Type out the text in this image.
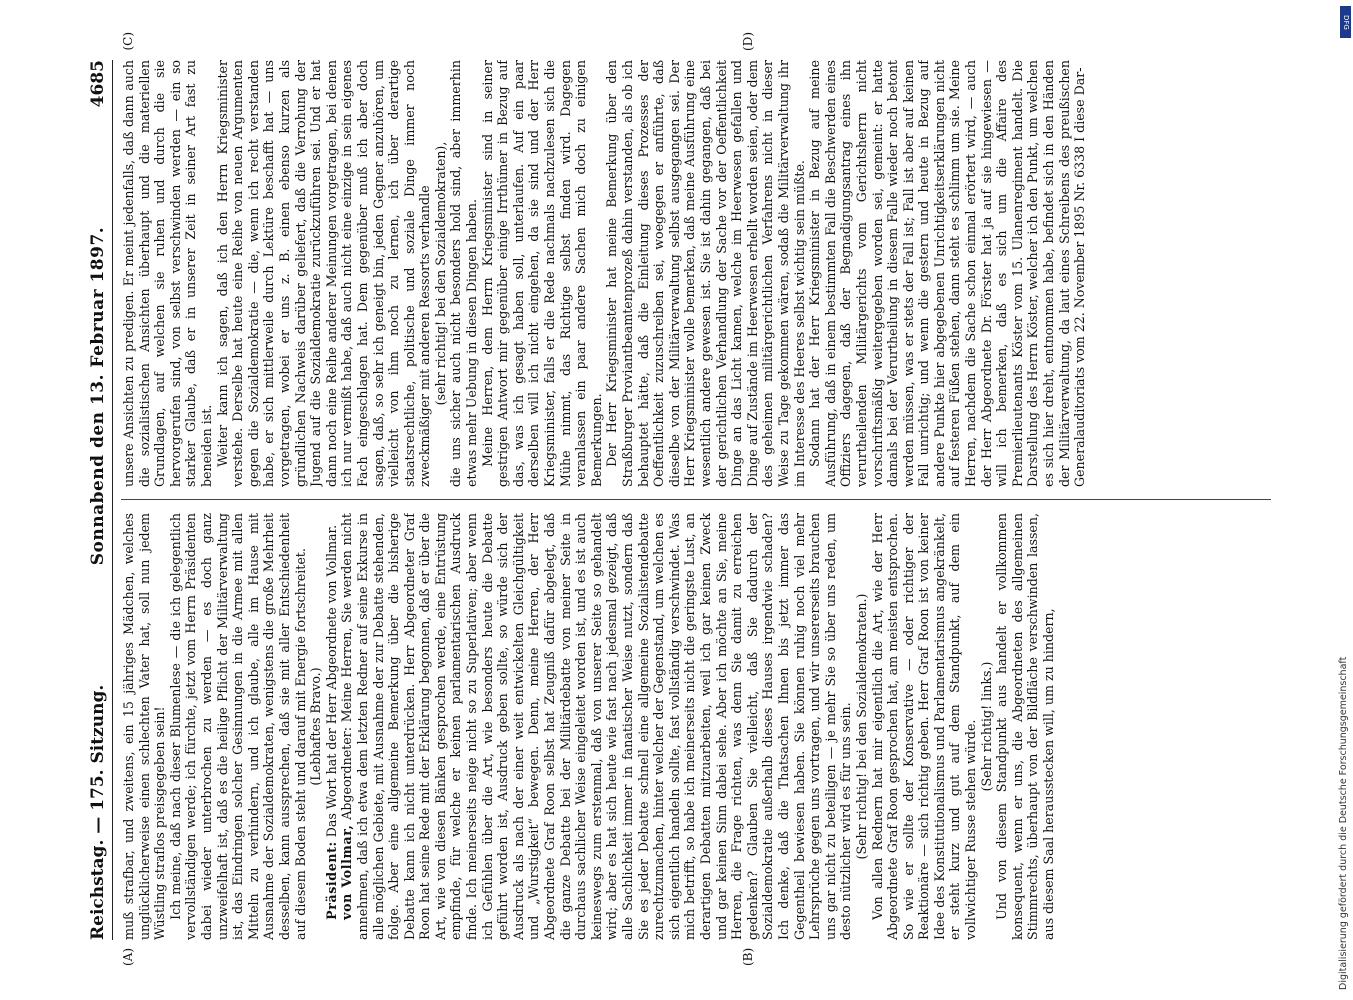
Reichstag. — 175. Sitzung.
Sonnabend den 13. Februar 1897.
4685

muß strafbar, und zweitens, ein 15 jähriges Mädchen, welches unglücklicherweise einen schlechten Vater hat, soll nun jedem Wüstling straflos preisgegeben sein! Ich meine, daß nach dieser Blumenlese — die ich gelegentlich vervollständigen werde; ich fürchte, jetzt vom Herrn Präsidenten dabei wieder unterbrochen zu werden — es doch ganz unzweifelhaft ist, daß es die heilige Pflicht der Militärverwaltung ist, das Eindringen solcher Gesinnungen in die Armee mit allen Mitteln zu verhindern, und ich glaube, alle im Hause mit Ausnahme der Sozialdemokraten, wenigstens die große Mehrheit desselben, kann aussprechen, daß sie mit aller Entschiedenheit auf diesem Boden steht und darauf mit Energie fortschreitet. (Lebhaftes Bravo.)

Präsident: Das Wort hat der Herr Abgeordnete von Vollmar.

von Vollmar, Abgeordneter: Meine Herren, Sie werden nicht annehmen, daß ich etwa dem letzten Redner auf seine Exkurse in alle möglichen Gebiete, mit Ausnahme der zur Debatte stehenden, folge. Aber eine allgemeine Bemerkung über die bisherige Debatte kann ich nicht unterdrücken. Herr Abgeordneter Graf Roon hat seine Rede mit der Erklärung begonnen, daß er über die Art, wie von diesen Bänken gesprochen werde, eine Entrüstung empfinde, für welche er keinen parlamentarischen Ausdruck finde. Ich meinerseits neige nicht so zu Superlativen; aber wenn ich Gefühlen über die Art, wie besonders heute die Debatte geführt worden ist, Ausdruck geben sollte, so würde sich der Ausdruck als nach der einer weit entwickelten Gleichgültigkeit und „Wurstigkeit“ bewegen. Denn, meine Herren, der Herr Abgeordnete Graf Roon selbst hat Zeugniß dafür abgelegt, daß die ganze Debatte bei der Militärdebatte von meiner Seite in durchaus sachlicher Weise eingeleitet worden ist, und es ist auch keineswegs zum erstenmal, daß von unserer Seite so gehandelt wird; aber es hat sich heute wie fast nach jedesmal gezeigt, daß alle Sachlichkeit immer in fanatischer Weise nutzt, sondern daß Sie es jeder Debatte schnell eine allgemeine Sozialistendebatte zurechtzumachen, hinter welcher der Gegenstand, um welchen es sich eigentlich handeln sollte, fast vollständig verschwindet. Was mich betrifft, so habe ich meinerseits nicht die geringste Lust, an derartigen Debatten mitzuarbeiten, weil ich gar keinen Zweck und gar keinen Sinn dabei sehe. Aber ich möchte an Sie, meine Herren, die Frage richten, was denn Sie damit zu erreichen gedenken? Glauben Sie vielleicht, daß Sie dadurch der Sozialdemokratie außerhalb dieses Hauses irgendwie schaden? Ich denke, daß die Thatsachen Ihnen bis jetzt immer das Gegentheil bewiesen haben. Sie können ruhig noch viel mehr Lehrsprüche gegen uns vortragen, und wir unsererseits brauchen uns gar nicht zu beteiligen — je mehr Sie so über uns reden, um desto nützlicher wird es für uns sein. (Sehr richtig! bei den Sozialdemokraten.) Von allen Rednern hat mir eigentlich die Art, wie der Herr Abgeordnete Graf Roon gesprochen hat, am meisten entsprochen. So wie er sollte der Konservative — oder richtiger der Reaktionäre — sich richtig geben. Herr Graf Roon ist von keiner Idee des Konstitutionalismus und Parlamentarismus angekränkelt, er steht kurz und gut auf dem Standpunkt, auf dem ein vollwichtiger Russe stehen würde. (Sehr richtig! links.) Und von diesem Standpunkt aus handelt er vollkommen konsequent, wenn er uns, die Abgeordneten des allgemeinen Stimmrechts, überhaupt von der Bildfläche verschwinden lassen, aus diesem Saal herausstecken will, um zu hindern,

unsere Ansichten zu predigen. Er meint jedenfalls, daß dann auch die sozialistischen Ansichten überhaupt und die materiellen Grundlagen, auf welchen sie ruhen und durch die sie hervorgerufen sind, von selbst verschwinden werden — ein so starker Glaube, daß er in unserer Zeit in seiner Art fast zu beneiden ist. Weiter kann ich sagen, daß ich den Herrn Kriegsminister verstehe. Derselbe hat heute eine Reihe von neuen Argumenten gegen die Sozialdemokratie — die, wenn ich recht verstanden habe, er sich mittlerweile durch Lektüre beschafft hat — uns vorgetragen, wobei er uns z. B. einen ebenso kurzen als gründlichen Nachweis darüber geliefert, daß die Verrohung der Jugend auf die Sozialdemokratie zurückzuführen sei. Und er hat dann noch eine Reihe anderer Meinungen vorgetragen, bei denen ich nur vermißt habe, daß auch nicht eine einzige in sein eigenes Fach eingeschlagen hat. Dem gegenüber muß ich aber doch sagen, daß, so sehr ich geneigt bin, jeden Gegner anzuhören, um vielleicht von ihm noch zu lernen, ich über derartige staatsrechtliche, politische und soziale Dinge immer noch zweckmäßiger mit anderen Ressorts verhandle (sehr richtig! bei den Sozialdemokraten), die uns sicher auch nicht besonders hold sind, aber immerhin etwas mehr Uebung in diesen Dingen haben. Meine Herren, dem Herrn Kriegsminister sind in seiner gestrigen Antwort mir gegenüber einige Irrthümer in Bezug auf das, was ich gesagt haben soll, unterlaufen. Auf ein paar derselben will ich nicht eingehen, da sie sind und der Herr Kriegsminister, falls er die Rede nachmals nachzulesen sich die Mühe nimmt, das Richtige selbst finden wird. Dagegen veranlassen ein paar andere Sachen mich doch zu einigen Bemerkungen. Der Herr Kriegsminister hat meine Bemerkung über den Straßburger Proviantbeamtenprozeß dahin verstanden, als ob ich behauptet hätte, daß die Einleitung dieses Prozesses der Oeffentlichkeit zuzuschreiben sei, woegegen er anführte, daß dieselbe von der Militärverwaltung selbst ausgegangen sei. Der Herr Kriegsminister wolle bemerken, daß meine Ausführung eine wesentlich andere gewesen ist. Sie ist dahin gegangen, daß bei der gerichtlichen Verhandlung der Sache vor der Oeffentlichkeit Dinge an das Licht kamen, welche im Heerwesen gefallen und Dinge auf Zustände im Heerwesen erhellt worden seien, oder dem des geheimen militärgerichtlichen Verfahrens nicht in dieser Weise zu Tage gekommen wären, sodaß die Militärverwaltung ihr im Interesse des Heeres selbst wichtig sein müßte. Sodann hat der Herr Kriegsminister in Bezug auf meine Ausführung, daß in einem bestimmten Fall die Beschwerden eines Offiziers dagegen, daß der Begnadigungsantrag eines ihn verurtheilenden Militärgerichts vom Gerichtsherrn nicht vorschriftsmäßig weitergegeben worden sei, gemeint: er hatte damals bei der Verurtheilung in diesem Falle wieder noch betont werden müssen, was er stets der Fall ist; Fall ist aber auf keinen Fall unrichtig; und wenn die gestern und heute in Bezug auf andere Punkte hier abgegebenen Unrichtigkeitserklärungen nicht auf festeren Füßen stehen, dann steht es schlimm um sie. Meine Herren, nachdem die Sache schon einmal erörtert wird, — auch der Herr Abgeordnete Dr. Förster hat ja auf sie hingewiesen — will ich bemerken, daß es sich um die Affaire des Premierlieutenants Köster vom 15. Ulanenregiment handelt. Die Darstellung des Herrn Köster, welcher ich den Punkt, um welchen es sich hier dreht, entnommen habe, befindet sich in den Händen der Militärverwaltung, da laut eines Schreibens des preußischen Generalauditoriats vom 22. November 1895 Nr. 6338 I diese Dar-

(A)	(B)
(C)	(D)
DFG
Digitalisierung gefördert durch die Deutsche Forschungsgemeinschaft
